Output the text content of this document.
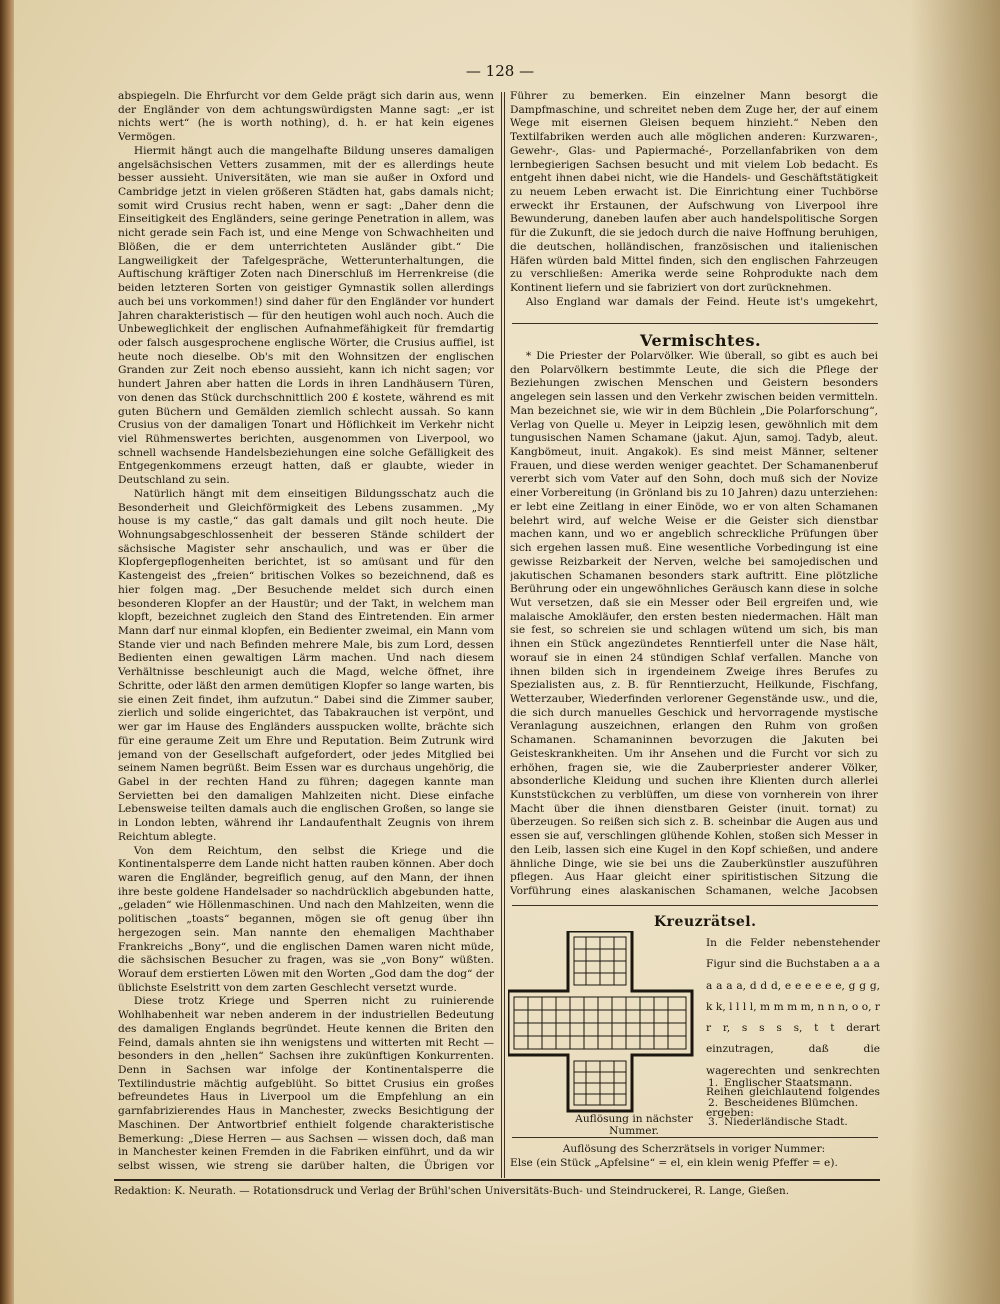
— 128 —

abspiegeln. Die Ehrfurcht vor dem Gelde prägt sich darin aus, wenn der Engländer von dem achtungswürdigsten Manne sagt: „er ist nichts wert“ (he is worth nothing), d. h. er hat kein eigenes Vermögen.

Hiermit hängt auch die mangelhafte Bildung unseres damaligen angelsächsischen Vetters zusammen, mit der es allerdings heute besser aussieht. Universitäten, wie man sie außer in Oxford und Cambridge jetzt in vielen größeren Städten hat, gabs damals nicht; somit wird Crusius recht haben, wenn er sagt: „Daher denn die Einseitigkeit des Engländers, seine geringe Penetration in allem, was nicht gerade sein Fach ist, und eine Menge von Schwachheiten und Blößen, die er dem unterrichteten Ausländer gibt.“ Die Langweiligkeit der Tafelgespräche, Wetterunterhaltungen, die Auftischung kräftiger Zoten nach Dinerschluß im Herrenkreise (die beiden letzteren Sorten von geistiger Gymnastik sollen allerdings auch bei uns vorkommen!) sind daher für den Engländer vor hundert Jahren charakteristisch — für den heutigen wohl auch noch. Auch die Unbeweglichkeit der englischen Aufnahmefähigkeit für fremdartig oder falsch ausgesprochene englische Wörter, die Crusius auffiel, ist heute noch dieselbe. Ob's mit den Wohnsitzen der englischen Granden zur Zeit noch ebenso aussieht, kann ich nicht sagen; vor hundert Jahren aber hatten die Lords in ihren Landhäusern Türen, von denen das Stück durchschnittlich 200 £ kostete, während es mit guten Büchern und Gemälden ziemlich schlecht aussah. So kann Crusius von der damaligen Tonart und Höflichkeit im Verkehr nicht viel Rühmenswertes berichten, ausgenommen von Liverpool, wo schnell wachsende Handelsbeziehungen eine solche Gefälligkeit des Entgegenkommens erzeugt hatten, daß er glaubte, wieder in Deutschland zu sein.

Natürlich hängt mit dem einseitigen Bildungsschatz auch die Besonderheit und Gleichförmigkeit des Lebens zusammen. „My house is my castle,“ das galt damals und gilt noch heute. Die Wohnungsabgeschlossenheit der besseren Stände schildert der sächsische Magister sehr anschaulich, und was er über die Klopfergepflogenheiten berichtet, ist so amüsant und für den Kastengeist des „freien“ britischen Volkes so bezeichnend, daß es hier folgen mag. „Der Besuchende meldet sich durch einen besonderen Klopfer an der Haustür; und der Takt, in welchem man klopft, bezeichnet zugleich den Stand des Eintretenden. Ein armer Mann darf nur einmal klopfen, ein Bedienter zweimal, ein Mann vom Stande vier und nach Befinden mehrere Male, bis zum Lord, dessen Bedienten einen gewaltigen Lärm machen. Und nach diesem Verhältnisse beschleunigt auch die Magd, welche öffnet, ihre Schritte, oder läßt den armen demütigen Klopfer so lange warten, bis sie einen Zeit findet, ihm aufzutun.“ Dabei sind die Zimmer sauber, zierlich und solide eingerichtet, das Tabakrauchen ist verpönt, und wer gar im Hause des Engländers ausspucken wollte, brächte sich für eine geraume Zeit um Ehre und Reputation. Beim Zutrunk wird jemand von der Gesellschaft aufgefordert, oder jedes Mitglied bei seinem Namen begrüßt. Beim Essen war es durchaus ungehörig, die Gabel in der rechten Hand zu führen; dagegen kannte man Servietten bei den damaligen Mahlzeiten nicht. Diese einfache Lebensweise teilten damals auch die englischen Großen, so lange sie in London lebten, während ihr Landaufenthalt Zeugnis von ihrem Reichtum ablegte.

Von dem Reichtum, den selbst die Kriege und die Kontinentalsperre dem Lande nicht hatten rauben können. Aber doch waren die Engländer, begreiflich genug, auf den Mann, der ihnen ihre beste goldene Handelsader so nachdrücklich abgebunden hatte, „geladen“ wie Höllenmaschinen. Und nach den Mahlzeiten, wenn die politischen „toasts“ begannen, mögen sie oft genug über ihn hergezogen sein. Man nannte den ehemaligen Machthaber Frankreichs „Bony“, und die englischen Damen waren nicht müde, die sächsischen Besucher zu fragen, was sie „von Bony“ wüßten. Worauf dem erstierten Löwen mit den Worten „God dam the dog“ der üblichste Eselstritt von dem zarten Geschlecht versetzt wurde.

Diese trotz Kriege und Sperren nicht zu ruinierende Wohlhabenheit war neben anderem in der industriellen Bedeutung des damaligen Englands begründet. Heute kennen die Briten den Feind, damals ahnten sie ihn wenigstens und witterten mit Recht — besonders in den „hellen“ Sachsen ihre zukünftigen Konkurrenten. Denn in Sachsen war infolge der Kontinentalsperre die Textilindustrie mächtig aufgeblüht. So bittet Crusius ein großes befreundetes Haus in Liverpool um die Empfehlung an ein garnfabrizierendes Haus in Manchester, zwecks Besichtigung der Maschinen. Der Antwortbrief enthielt folgende charakteristische Bemerkung: „Diese Herren — aus Sachsen — wissen doch, daß man in Manchester keinen Fremden in die Fabriken einführt, und da wir selbst wissen, wie streng sie darüber halten, die Übrigen vor

Führer zu bemerken. Ein einzelner Mann besorgt die Dampfmaschine, und schreitet neben dem Zuge her, der auf einem Wege mit eisernen Gleisen bequem hinzieht.“ Neben den Textilfabriken werden auch alle möglichen anderen: Kurzwaren-, Gewehr-, Glas- und Papiermaché-, Porzellanfabriken von dem lernbegierigen Sachsen besucht und mit vielem Lob bedacht. Es entgeht ihnen dabei nicht, wie die Handels- und Geschäftstätigkeit zu neuem Leben erwacht ist. Die Einrichtung einer Tuchbörse erweckt ihr Erstaunen, der Aufschwung von Liverpool ihre Bewunderung, daneben laufen aber auch handelspolitische Sorgen für die Zukunft, die sie jedoch durch die naive Hoffnung beruhigen, die deutschen, holländischen, französischen und italienischen Häfen würden bald Mittel finden, sich den englischen Fahrzeugen zu verschließen: Amerika werde seine Rohprodukte nach dem Kontinent liefern und sie fabriziert von dort zurücknehmen.

Also England war damals der Feind. Heute ist's umgekehrt,

Vermischtes.

* Die Priester der Polarvölker. Wie überall, so gibt es auch bei den Polarvölkern bestimmte Leute, die sich die Pflege der Beziehungen zwischen Menschen und Geistern besonders angelegen sein lassen und den Verkehr zwischen beiden vermitteln. Man bezeichnet sie, wie wir in dem Büchlein „Die Polarforschung“, Verlag von Quelle u. Meyer in Leipzig lesen, gewöhnlich mit dem tungusischen Namen Schamane (jakut. Ajun, samoj. Tadyb, aleut. Kangbömeut, inuit. Angakok). Es sind meist Männer, seltener Frauen, und diese werden weniger geachtet. Der Schamanenberuf vererbt sich vom Vater auf den Sohn, doch muß sich der Novize einer Vorbereitung (in Grönland bis zu 10 Jahren) dazu unterziehen: er lebt eine Zeitlang in einer Einöde, wo er von alten Schamanen belehrt wird, auf welche Weise er die Geister sich dienstbar machen kann, und wo er angeblich schreckliche Prüfungen über sich ergehen lassen muß. Eine wesentliche Vorbedingung ist eine gewisse Reizbarkeit der Nerven, welche bei samojedischen und jakutischen Schamanen besonders stark auftritt. Eine plötzliche Berührung oder ein ungewöhnliches Geräusch kann diese in solche Wut versetzen, daß sie ein Messer oder Beil ergreifen und, wie malaische Amokläufer, den ersten besten niedermachen. Hält man sie fest, so schreien sie und schlagen wütend um sich, bis man ihnen ein Stück angezündetes Renntierfell unter die Nase hält, worauf sie in einen 24 stündigen Schlaf verfallen. Manche von ihnen bilden sich in irgendeinem Zweige ihres Berufes zu Spezialisten aus, z. B. für Renntierzucht, Heilkunde, Fischfang, Wetterzauber, Wiederfinden verlorener Gegenstände usw., und die, die sich durch manuelles Geschick und hervorragende mystische Veranlagung auszeichnen, erlangen den Ruhm von großen Schamanen. Schamaninnen bevorzugen die Jakuten bei Geisteskrankheiten. Um ihr Ansehen und die Furcht vor sich zu erhöhen, fragen sie, wie die Zauberpriester anderer Völker, absonderliche Kleidung und suchen ihre Klienten durch allerlei Kunststückchen zu verblüffen, um diese von vornherein von ihrer Macht über die ihnen dienstbaren Geister (inuit. tornat) zu überzeugen. So reißen sich sich z. B. scheinbar die Augen aus und essen sie auf, verschlingen glühende Kohlen, stoßen sich Messer in den Leib, lassen sich eine Kugel in den Kopf schießen, und andere ähnliche Dinge, wie sie bei uns die Zauberkünstler auszuführen pflegen. Aus Haar gleicht einer spiritistischen Sitzung die Vorführung eines alaskanischen Schamanen, welche Jacobsen

Kreuzrätsel.
Auflösung in nächster Nummer.
In die Felder nebenstehender Figur sind die Buchstaben a a a a a a a, d d d, e e e e e e, g g g, k k, l l l l, m m m m, n n n, o o, r r r, s s s s, t t derart einzutragen, daß die wagerechten und senkrechten Reihen gleichlautend folgendes ergeben:
1. Englischer Staatsmann.
2. Bescheidenes Blümchen.
3. Niederländische Stadt.
Auflösung des Scherzrätsels in voriger Nummer:
Else (ein Stück „Apfelsine“ = el, ein klein wenig Pfeffer = e).
Redaktion: K. Neurath. — Rotationsdruck und Verlag der Brühl'schen Universitäts-Buch- und Steindruckerei, R. Lange, Gießen.
